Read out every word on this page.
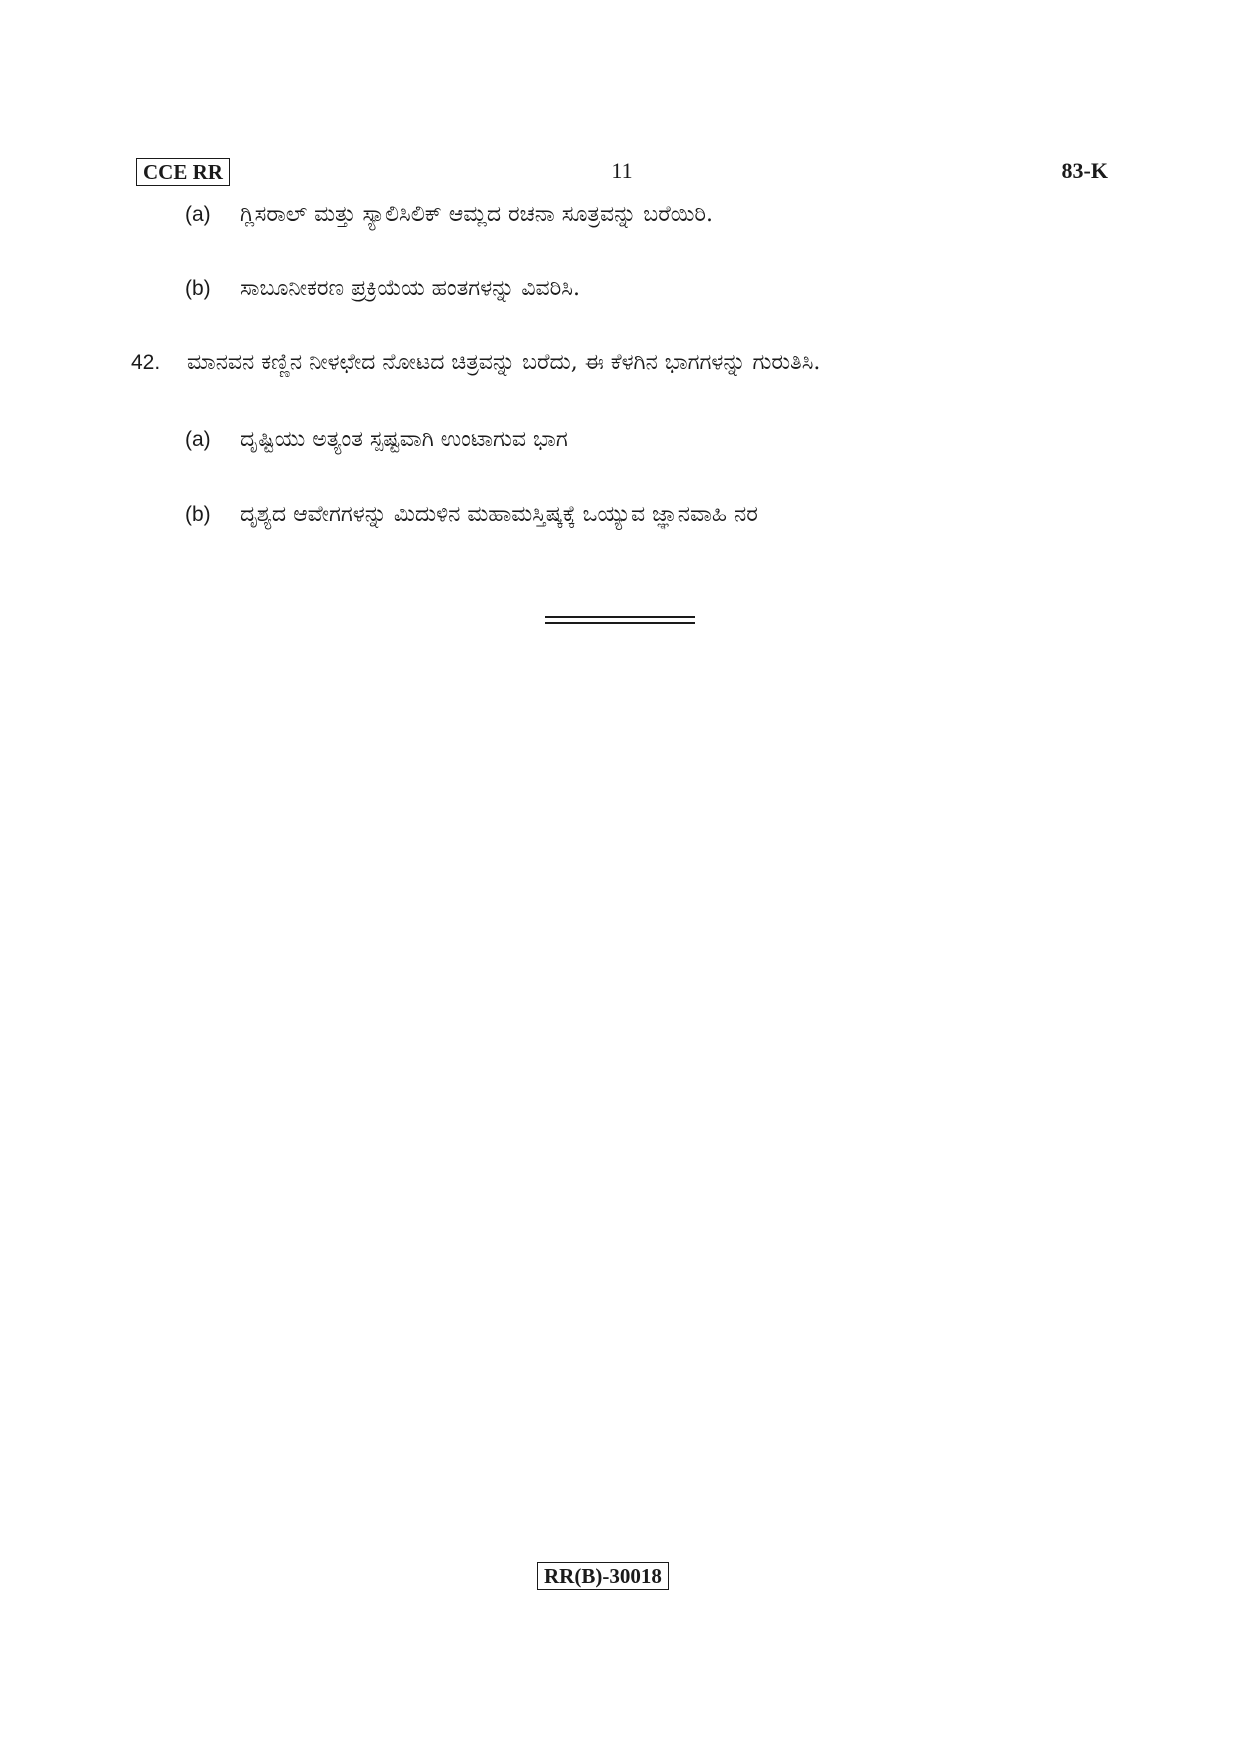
CCE RR	11	83-K
(a) ಗ್ಲಿಸರಾಲ್ ಮತ್ತು ಸ್ಯಾಲಿಸಿಲಿಕ್ ಆಮ್ಲದ ರಚನಾ ಸೂತ್ರವನ್ನು ಬರೆಯಿರಿ.
(b) ಸಾಬೂನೀಕರಣ ಪ್ರಕ್ರಿಯೆಯ ಹಂತಗಳನ್ನು ವಿವರಿಸಿ.
42. ಮಾನವನ ಕಣ್ಣಿನ ನೀಳಛೇದ ನೋಟದ ಚಿತ್ರವನ್ನು ಬರೆದು, ಈ ಕೆಳಗಿನ ಭಾಗಗಳನ್ನು ಗುರುತಿಸಿ.
(a) ದೃಷ್ಟಿಯು ಅತ್ಯಂತ ಸ್ಪಷ್ಟವಾಗಿ ಉಂಟಾಗುವ ಭಾಗ
(b) ದೃಶ್ಯದ ಆವೇಗಗಳನ್ನು ಮಿದುಳಿನ ಮಹಾಮಸ್ತಿಷ್ಕಕ್ಕೆ ಒಯ್ಯುವ ಜ್ಞಾನವಾಹಿ ನರ
RR(B)-30018
